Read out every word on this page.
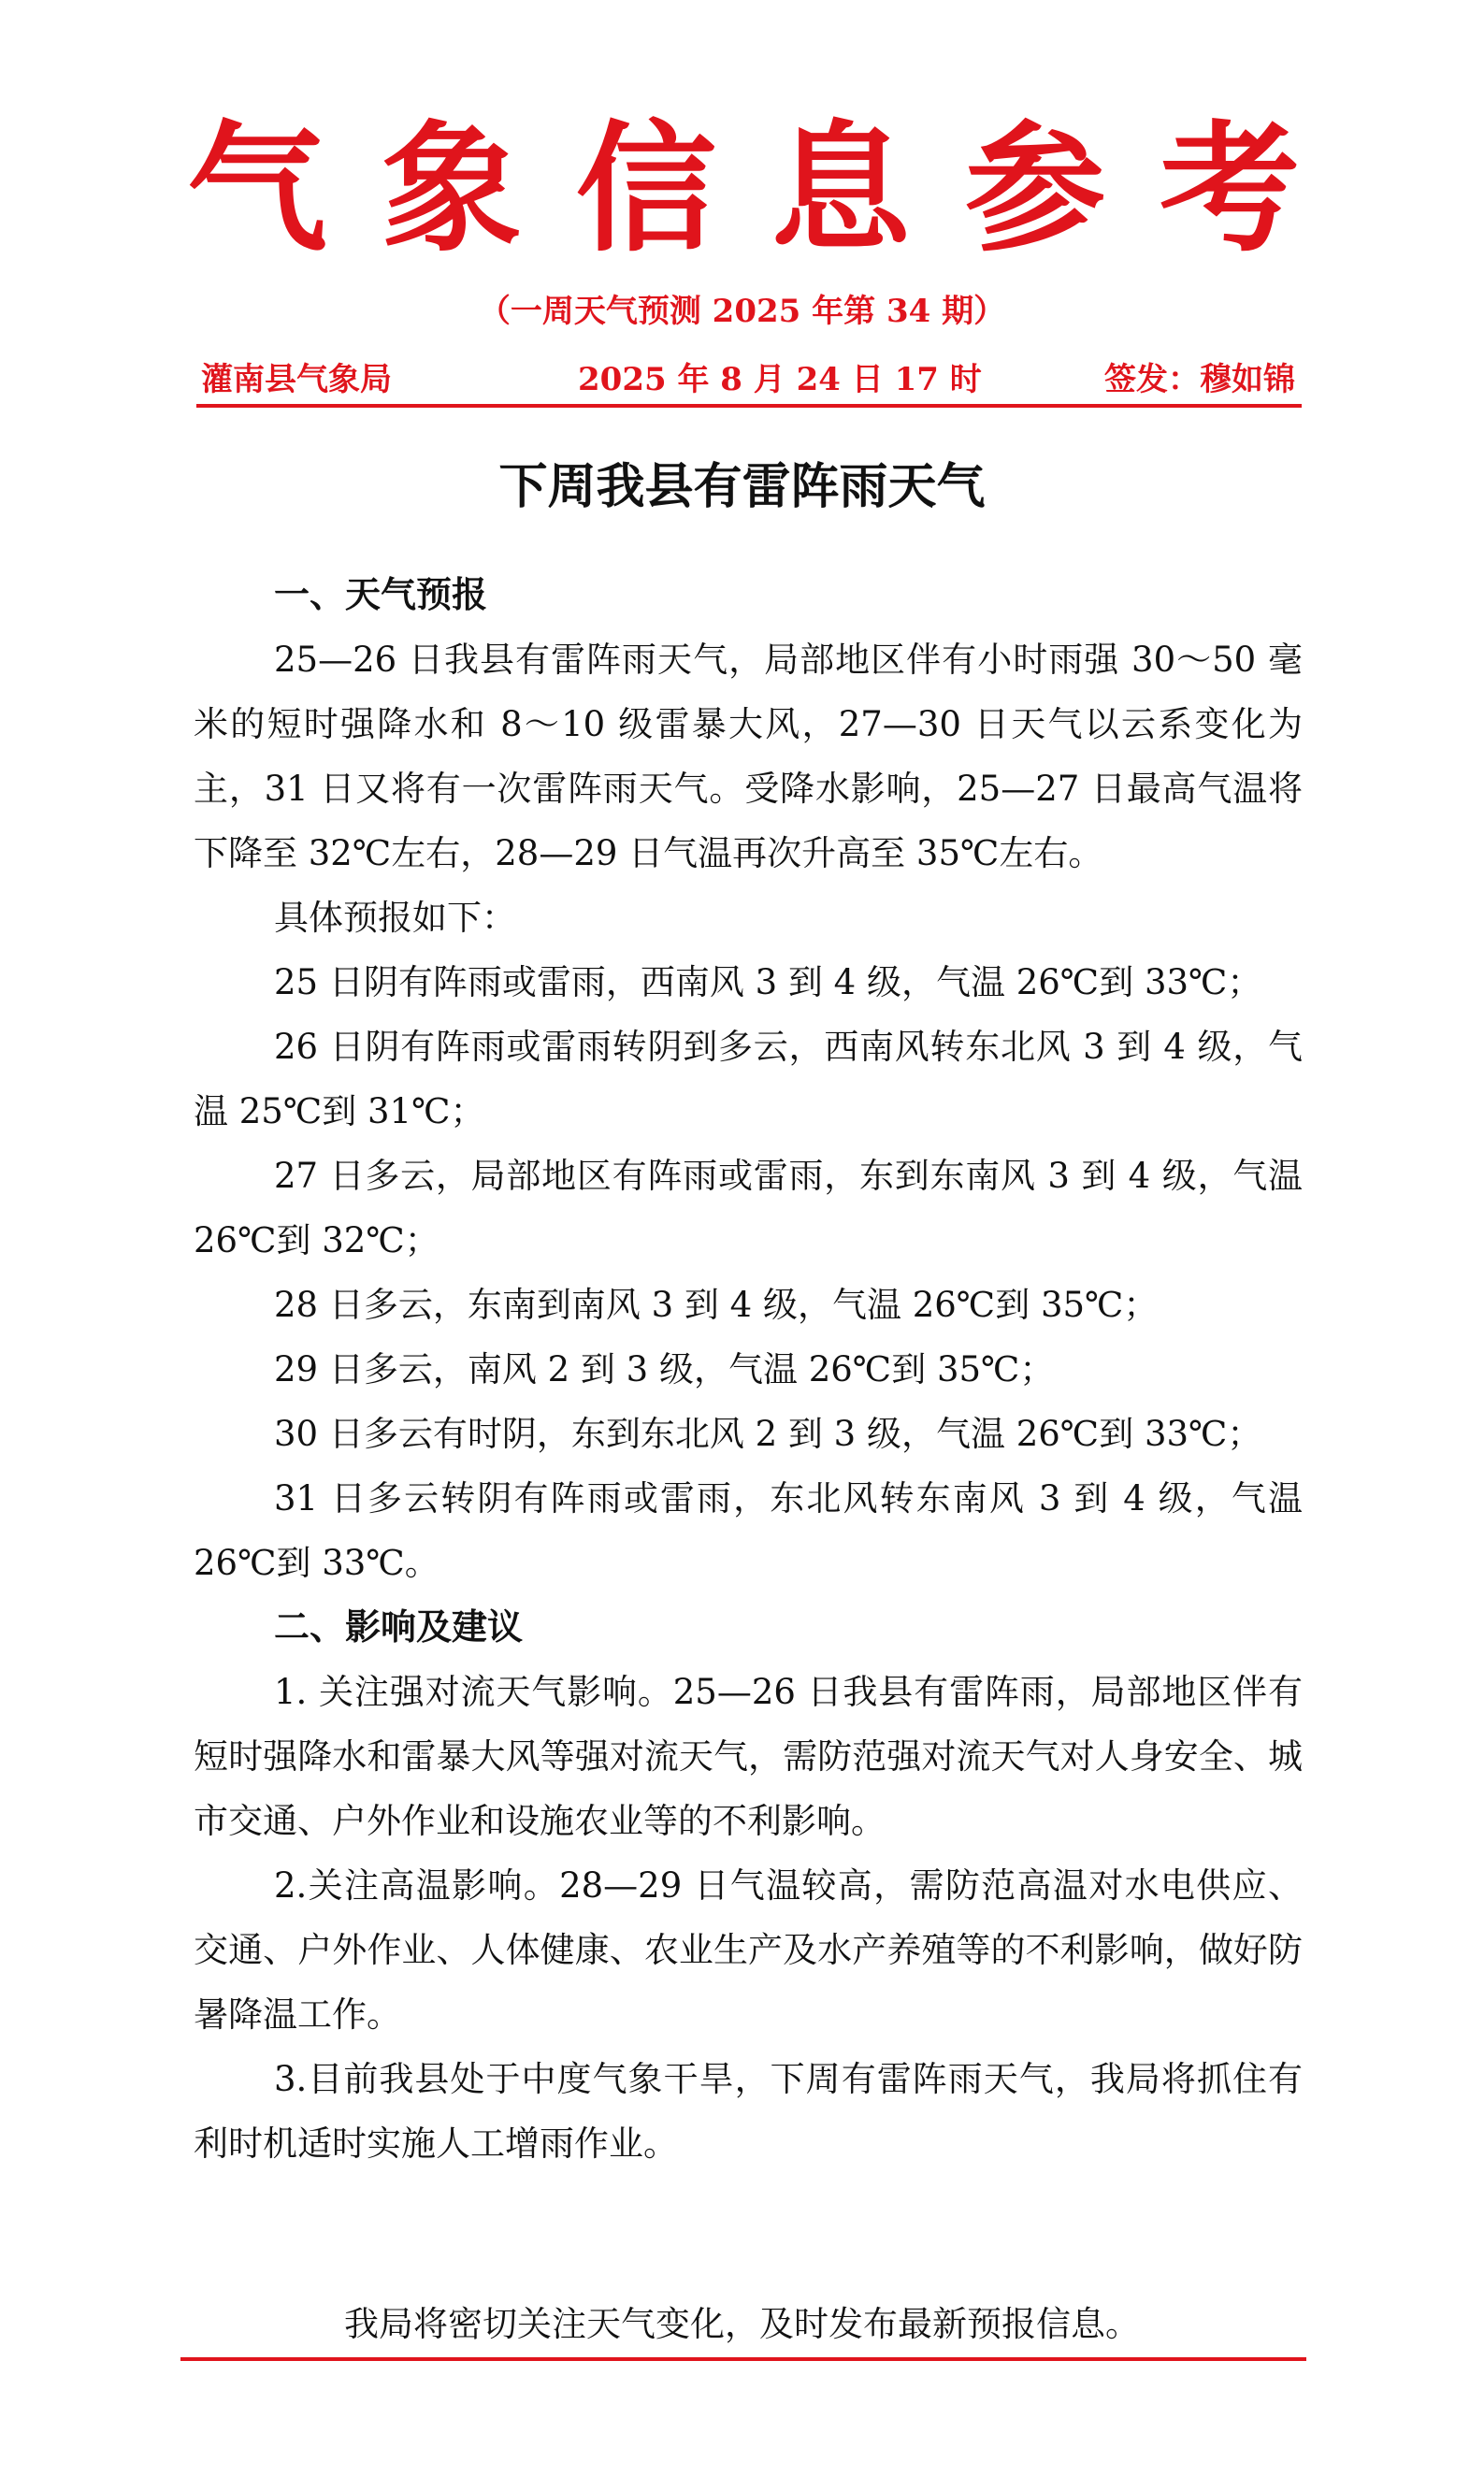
气 象 信 息 参 考
（一周天气预测 2025 年第 34 期）
灌南县气象局	2025 年 8 月 24 日 17 时	签发：穆如锦
下周我县有雷阵雨天气
一、天气预报

25—26 日我县有雷阵雨天气，局部地区伴有小时雨强 30～50 毫米的短时强降水和 8～10 级雷暴大风，27—30 日天气以云系变化为主，31 日又将有一次雷阵雨天气。受降水影响，25—27 日最高气温将下降至 32℃左右，28—29 日气温再次升高至 35℃左右。

具体预报如下：

25 日阴有阵雨或雷雨，西南风 3 到 4 级，气温 26℃到 33℃；

26 日阴有阵雨或雷雨转阴到多云，西南风转东北风 3 到 4 级，气温 25℃到 31℃；

27 日多云，局部地区有阵雨或雷雨，东到东南风 3 到 4 级，气温 26℃到 32℃；

28 日多云，东南到南风 3 到 4 级，气温 26℃到 35℃；

29 日多云，南风 2 到 3 级，气温 26℃到 35℃；

30 日多云有时阴，东到东北风 2 到 3 级，气温 26℃到 33℃；

31 日多云转阴有阵雨或雷雨，东北风转东南风 3 到 4 级，气温 26℃到 33℃。

二、影响及建议

1. 关注强对流天气影响。25—26 日我县有雷阵雨，局部地区伴有短时强降水和雷暴大风等强对流天气，需防范强对流天气对人身安全、城市交通、户外作业和设施农业等的不利影响。

2.关注高温影响。28—29 日气温较高，需防范高温对水电供应、交通、户外作业、人体健康、农业生产及水产养殖等的不利影响，做好防暑降温工作。

3.目前我县处于中度气象干旱，下周有雷阵雨天气，我局将抓住有利时机适时实施人工增雨作业。

我局将密切关注天气变化，及时发布最新预报信息。
